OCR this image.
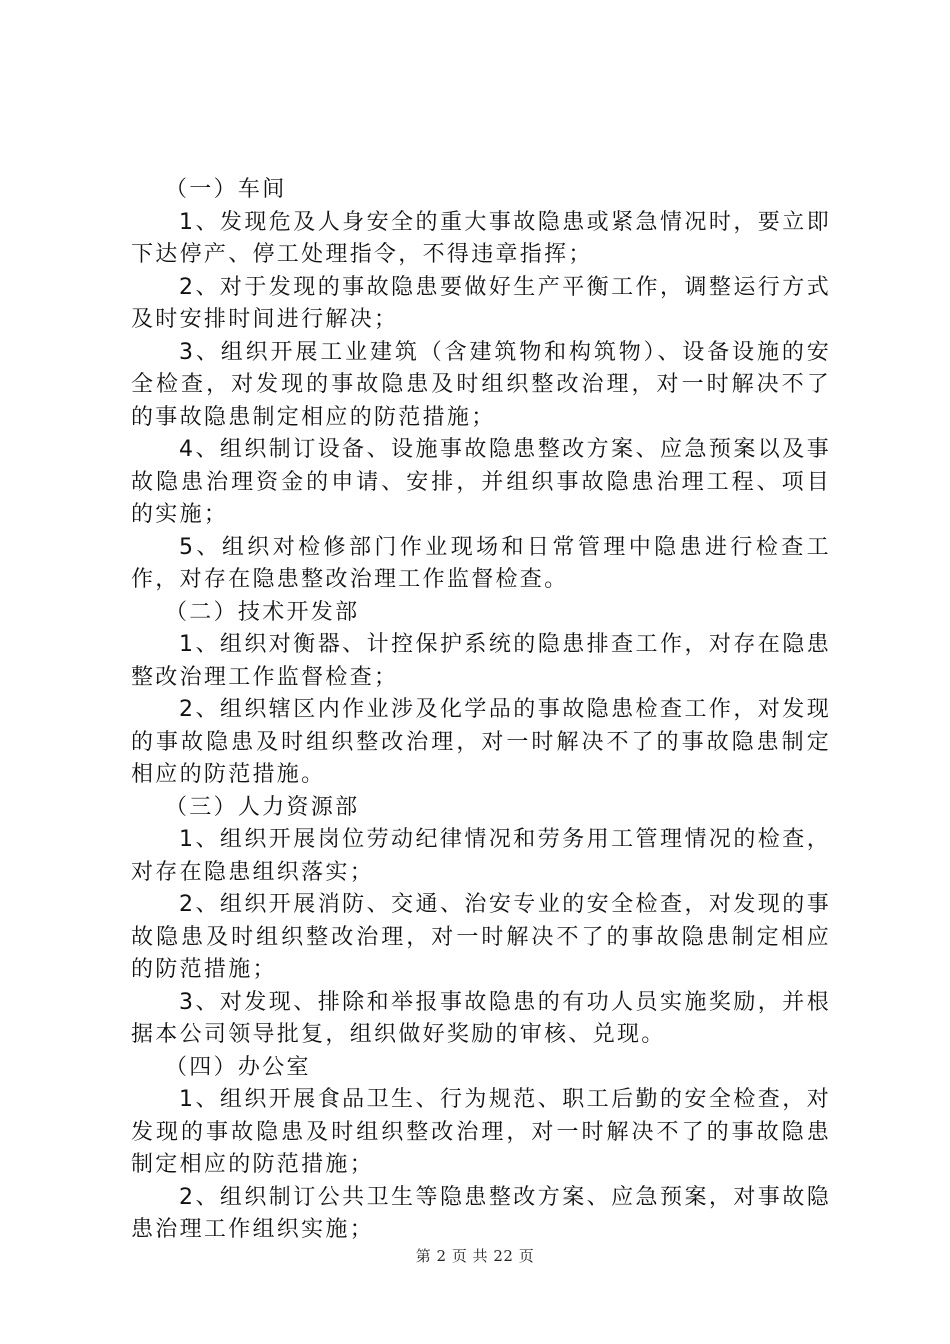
（一）车间

1、发现危及人身安全的重大事故隐患或紧急情况时，要立即下达停产、停工处理指令，不得违章指挥；

2、对于发现的事故隐患要做好生产平衡工作，调整运行方式及时安排时间进行解决；

3、组织开展工业建筑（含建筑物和构筑物）、设备设施的安全检查，对发现的事故隐患及时组织整改治理，对一时解决不了的事故隐患制定相应的防范措施；

4、组织制订设备、设施事故隐患整改方案、应急预案以及事故隐患治理资金的申请、安排，并组织事故隐患治理工程、项目的实施；

5、组织对检修部门作业现场和日常管理中隐患进行检查工作，对存在隐患整改治理工作监督检查。

（二）技术开发部

1、组织对衡器、计控保护系统的隐患排查工作，对存在隐患整改治理工作监督检查；

2、组织辖区内作业涉及化学品的事故隐患检查工作，对发现的事故隐患及时组织整改治理，对一时解决不了的事故隐患制定相应的防范措施。

（三）人力资源部

1、组织开展岗位劳动纪律情况和劳务用工管理情况的检查，对存在隐患组织落实；

2、组织开展消防、交通、治安专业的安全检查，对发现的事故隐患及时组织整改治理，对一时解决不了的事故隐患制定相应的防范措施；

3、对发现、排除和举报事故隐患的有功人员实施奖励，并根据本公司领导批复，组织做好奖励的审核、兑现。

（四）办公室

1、组织开展食品卫生、行为规范、职工后勤的安全检查，对发现的事故隐患及时组织整改治理，对一时解决不了的事故隐患制定相应的防范措施；

2、组织制订公共卫生等隐患整改方案、应急预案，对事故隐患治理工作组织实施；

第 2 页 共 22 页
